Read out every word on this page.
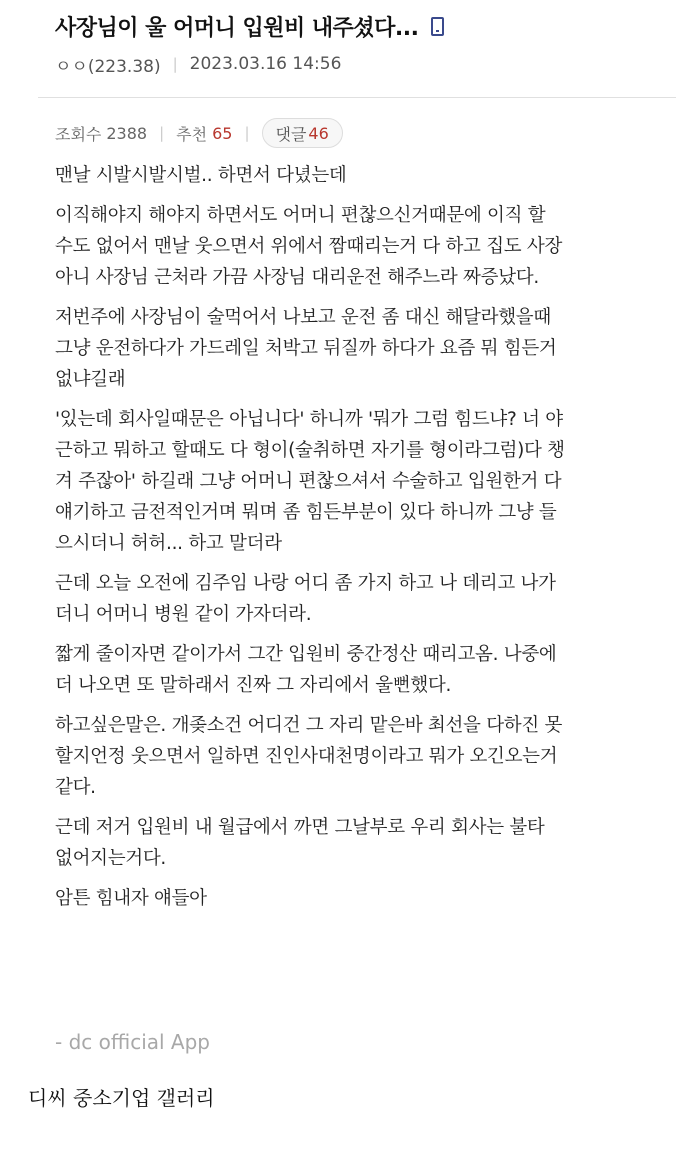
사장님이 울 어머니 입원비 내주셨다...
ㅇㅇ(223.38) | 2023.03.16 14:56
조회수 2388 | 추천 65 | 댓글 46
맨날 시발시발시벌.. 하면서 다녔는데
이직해야지 해야지 하면서도 어머니 편찮으신거때문에 이직 할
수도 없어서 맨날 웃으면서 위에서 짬때리는거 다 하고 집도 사장
아니 사장님 근처라 가끔 사장님 대리운전 해주느라 짜증났다.
저번주에 사장님이 술먹어서 나보고 운전 좀 대신 해달라했을때
그냥 운전하다가 가드레일 처박고 뒤질까 하다가 요즘 뭐 힘든거
없냐길래
'있는데 회사일때문은 아닙니다' 하니까 '뭐가 그럼 힘드냐? 너 야
근하고 뭐하고 할때도 다 형이(술취하면 자기를 형이라그럼)다 챙
겨 주잖아' 하길래 그냥 어머니 편찮으셔서 수술하고 입원한거 다
얘기하고 금전적인거며 뭐며 좀 힘든부분이 있다 하니까 그냥 들
으시더니 허허... 하고 말더라
근데 오늘 오전에 김주임 나랑 어디 좀 가지 하고 나 데리고 나가
더니 어머니 병원 같이 가자더라.
짧게 줄이자면 같이가서 그간 입원비 중간정산 때리고옴. 나중에
더 나오면 또 말하래서 진짜 그 자리에서 울뻔했다.
하고싶은말은. 개좆소건 어디건 그 자리 맡은바 최선을 다하진 못
할지언정 웃으면서 일하면 진인사대천명이라고 뭐가 오긴오는거
같다.
근데 저거 입원비 내 월급에서 까면 그날부로 우리 회사는 불타
없어지는거다.
암튼 힘내자 얘들아
- dc official App
디씨 중소기업 갤러리
